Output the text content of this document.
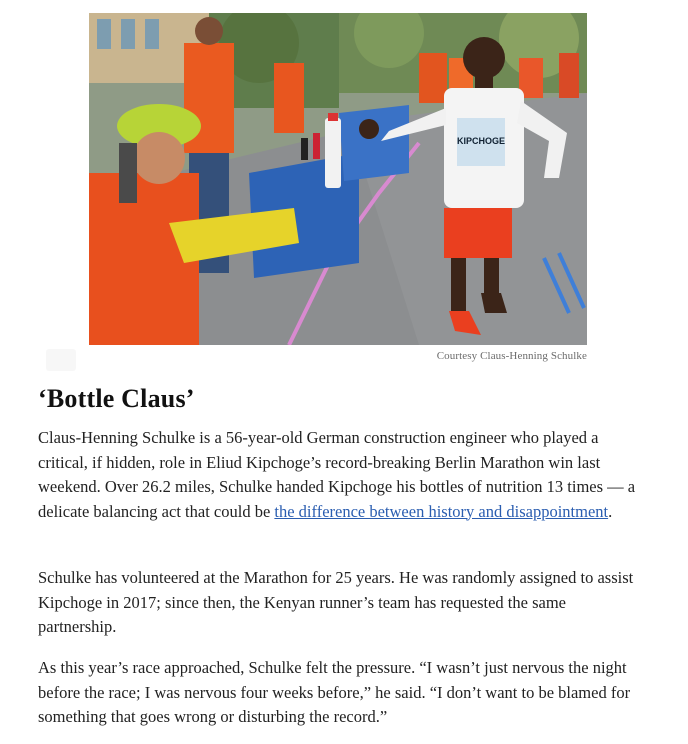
KIPCHOGE
Courtesy Claus-Henning Schulke
‘Bottle Claus’

Claus-Henning Schulke is a 56-year-old German construction engineer who played a critical, if hidden, role in Eliud Kipchoge’s record-breaking Berlin Marathon win last weekend. Over 26.2 miles, Schulke handed Kipchoge his bottles of nutrition 13 times — a delicate balancing act that could be the difference between history and disappointment.

Schulke has volunteered at the Marathon for 25 years. He was randomly assigned to assist Kipchoge in 2017; since then, the Kenyan runner’s team has requested the same partnership.

As this year’s race approached, Schulke felt the pressure. “I wasn’t just nervous the night before the race; I was nervous four weeks before,” he said. “I don’t want to be blamed for something that goes wrong or disturbing the record.”
